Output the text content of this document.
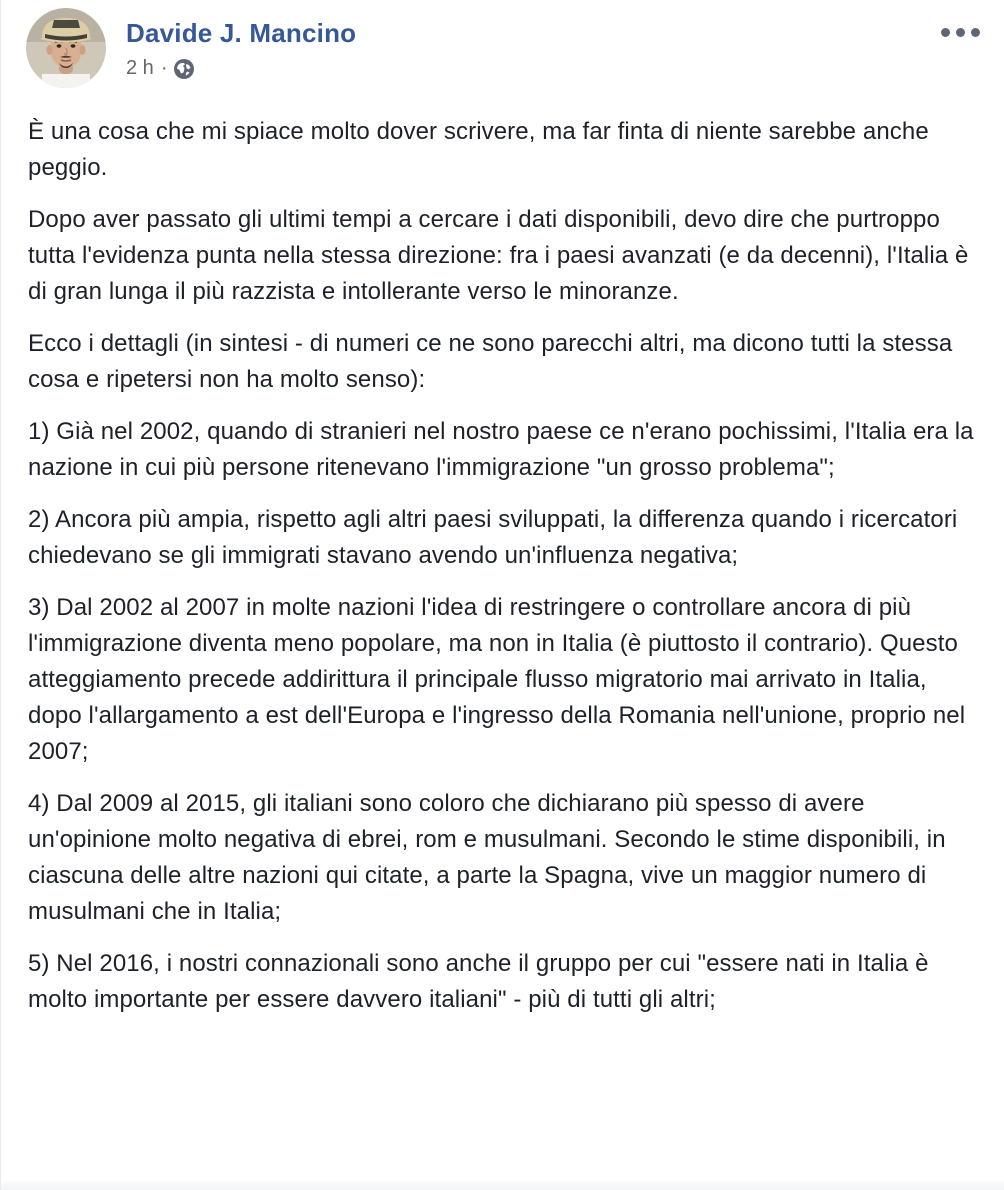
Davide J. Mancino
2 h ·

È una cosa che mi spiace molto dover scrivere, ma far finta di niente sarebbe anche peggio.

Dopo aver passato gli ultimi tempi a cercare i dati disponibili, devo dire che purtroppo tutta l'evidenza punta nella stessa direzione: fra i paesi avanzati (e da decenni), l'Italia è di gran lunga il più razzista e intollerante verso le minoranze.

Ecco i dettagli (in sintesi - di numeri ce ne sono parecchi altri, ma dicono tutti la stessa cosa e ripetersi non ha molto senso):

1) Già nel 2002, quando di stranieri nel nostro paese ce n'erano pochissimi, l'Italia era la nazione in cui più persone ritenevano l'immigrazione "un grosso problema";

2) Ancora più ampia, rispetto agli altri paesi sviluppati, la differenza quando i ricercatori chiedevano se gli immigrati stavano avendo un'influenza negativa;

3) Dal 2002 al 2007 in molte nazioni l'idea di restringere o controllare ancora di più l'immigrazione diventa meno popolare, ma non in Italia (è piuttosto il contrario). Questo atteggiamento precede addirittura il principale flusso migratorio mai arrivato in Italia, dopo l'allargamento a est dell'Europa e l'ingresso della Romania nell'unione, proprio nel 2007;

4) Dal 2009 al 2015, gli italiani sono coloro che dichiarano più spesso di avere un'opinione molto negativa di ebrei, rom e musulmani. Secondo le stime disponibili, in ciascuna delle altre nazioni qui citate, a parte la Spagna, vive un maggior numero di musulmani che in Italia;

5) Nel 2016, i nostri connazionali sono anche il gruppo per cui "essere nati in Italia è molto importante per essere davvero italiani" - più di tutti gli altri;
